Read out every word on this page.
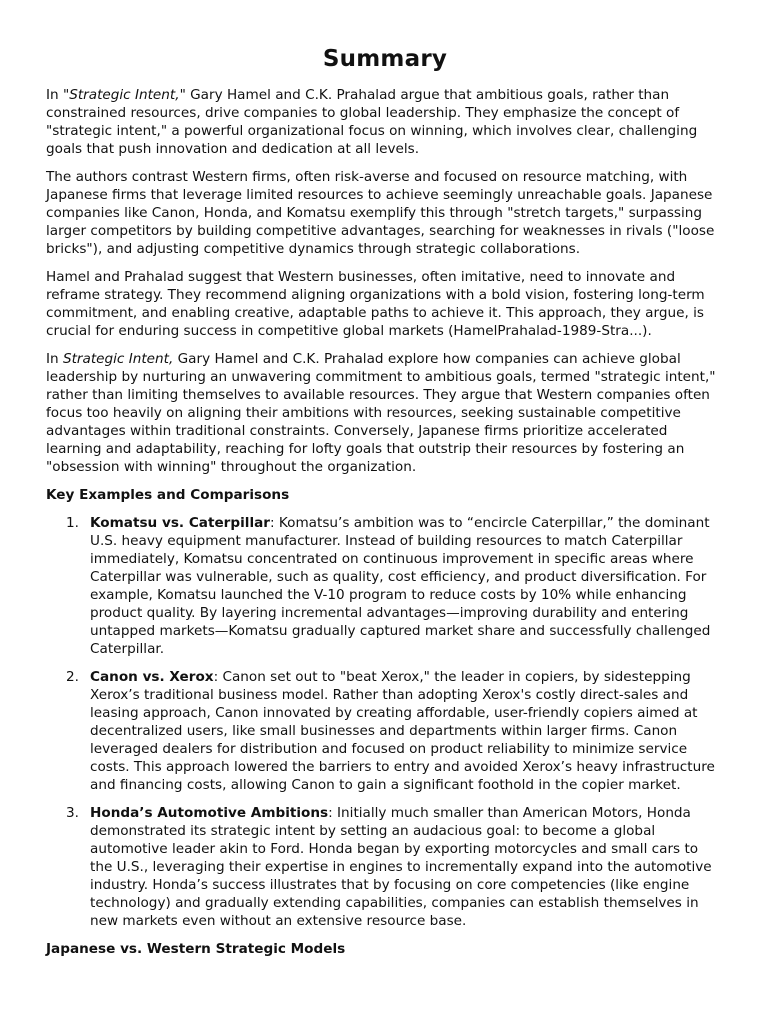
Summary

In "Strategic Intent," Gary Hamel and C.K. Prahalad argue that ambitious goals, rather than constrained resources, drive companies to global leadership. They emphasize the concept of "strategic intent," a powerful organizational focus on winning, which involves clear, challenging goals that push innovation and dedication at all levels.

The authors contrast Western firms, often risk-averse and focused on resource matching, with Japanese firms that leverage limited resources to achieve seemingly unreachable goals. Japanese companies like Canon, Honda, and Komatsu exemplify this through "stretch targets," surpassing larger competitors by building competitive advantages, searching for weaknesses in rivals ("loose bricks"), and adjusting competitive dynamics through strategic collaborations.

Hamel and Prahalad suggest that Western businesses, often imitative, need to innovate and reframe strategy. They recommend aligning organizations with a bold vision, fostering long-term commitment, and enabling creative, adaptable paths to achieve it. This approach, they argue, is crucial for enduring success in competitive global markets (HamelPrahalad-1989-Stra...).

In Strategic Intent, Gary Hamel and C.K. Prahalad explore how companies can achieve global leadership by nurturing an unwavering commitment to ambitious goals, termed "strategic intent," rather than limiting themselves to available resources. They argue that Western companies often focus too heavily on aligning their ambitions with resources, seeking sustainable competitive advantages within traditional constraints. Conversely, Japanese firms prioritize accelerated learning and adaptability, reaching for lofty goals that outstrip their resources by fostering an "obsession with winning" throughout the organization.

Key Examples and Comparisons
1. Komatsu vs. Caterpillar: Komatsu’s ambition was to “encircle Caterpillar,” the dominant U.S. heavy equipment manufacturer. Instead of building resources to match Caterpillar immediately, Komatsu concentrated on continuous improvement in specific areas where Caterpillar was vulnerable, such as quality, cost efficiency, and product diversification. For example, Komatsu launched the V-10 program to reduce costs by 10% while enhancing product quality. By layering incremental advantages—improving durability and entering untapped markets—Komatsu gradually captured market share and successfully challenged Caterpillar.
2. Canon vs. Xerox: Canon set out to "beat Xerox," the leader in copiers, by sidestepping Xerox’s traditional business model. Rather than adopting Xerox's costly direct-sales and leasing approach, Canon innovated by creating affordable, user-friendly copiers aimed at decentralized users, like small businesses and departments within larger firms. Canon leveraged dealers for distribution and focused on product reliability to minimize service costs. This approach lowered the barriers to entry and avoided Xerox’s heavy infrastructure and financing costs, allowing Canon to gain a significant foothold in the copier market.
3. Honda’s Automotive Ambitions: Initially much smaller than American Motors, Honda demonstrated its strategic intent by setting an audacious goal: to become a global automotive leader akin to Ford. Honda began by exporting motorcycles and small cars to the U.S., leveraging their expertise in engines to incrementally expand into the automotive industry. Honda’s success illustrates that by focusing on core competencies (like engine technology) and gradually extending capabilities, companies can establish themselves in new markets even without an extensive resource base.
Japanese vs. Western Strategic Models
